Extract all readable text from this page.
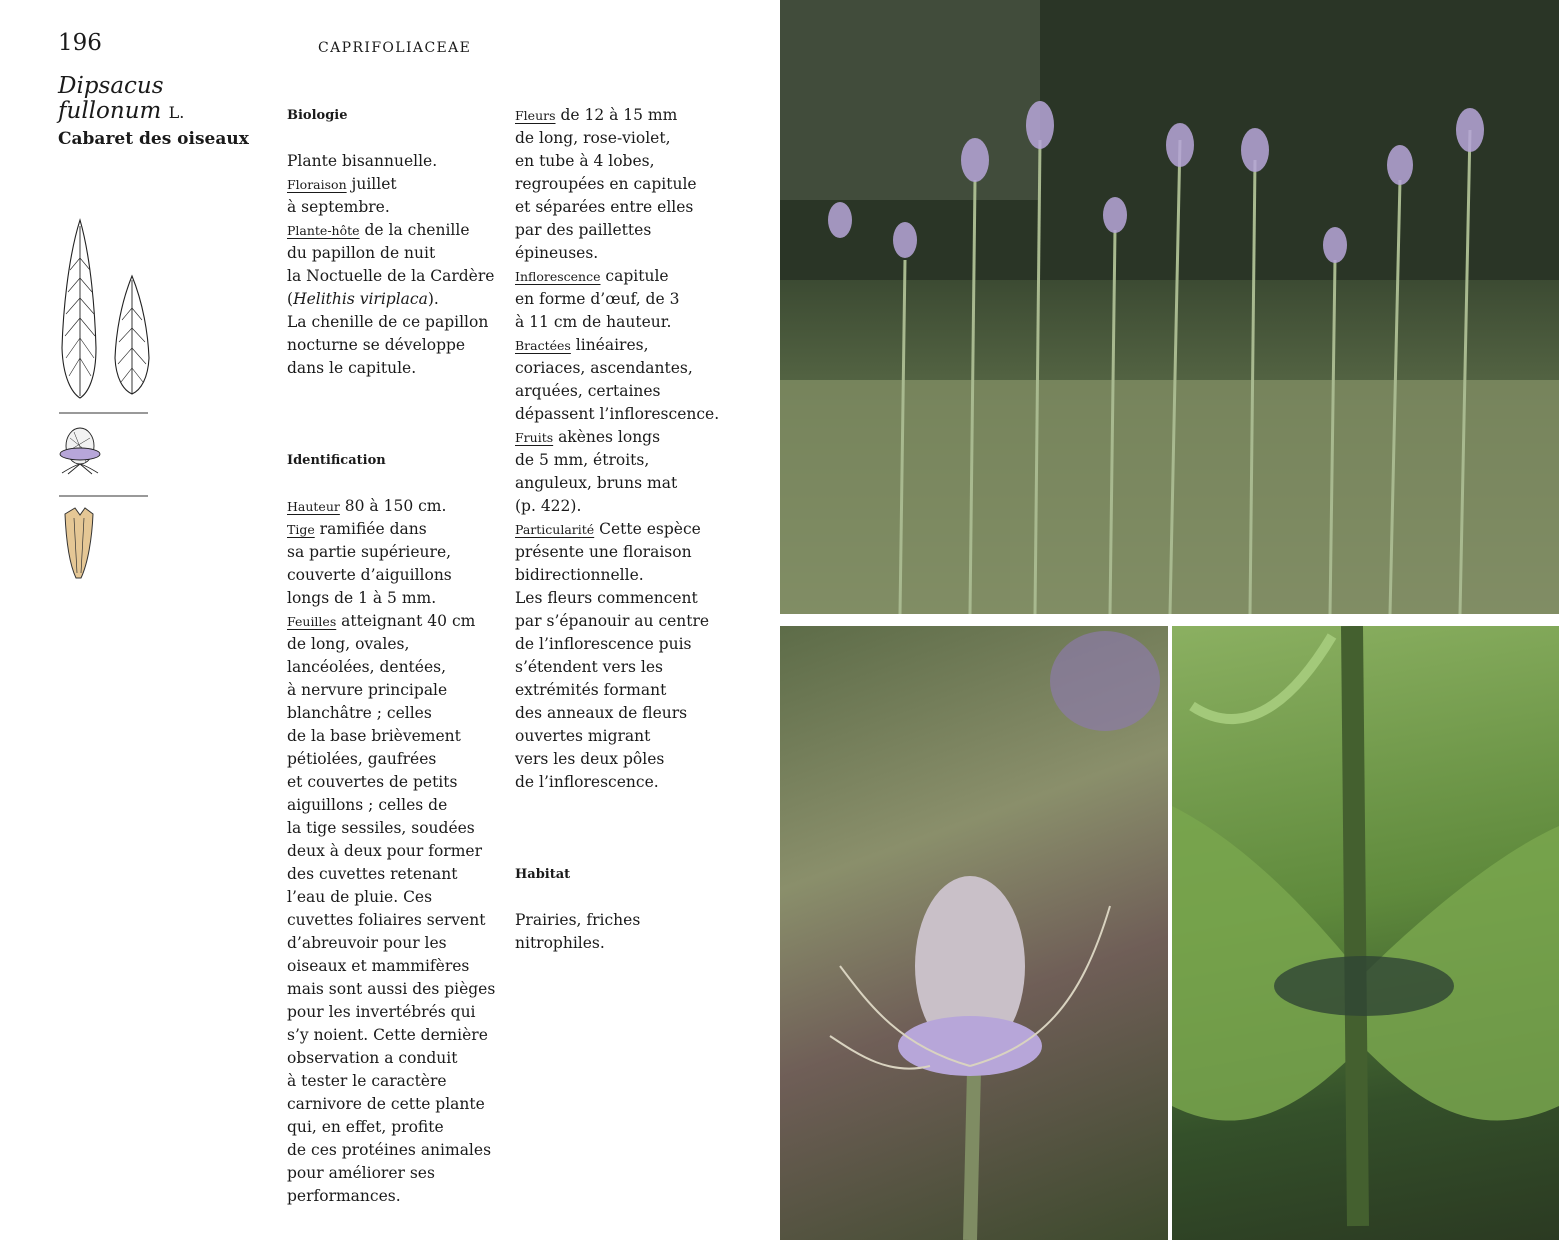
196	CAPRIFOLIACEAE
Dipsacus
fullonum L.
Cabaret des oiseaux

Biologie

Plante bisannuelle.
Floraison juillet
à septembre.
Plante-hôte de la chenille
du papillon de nuit
la Noctuelle de la Cardère
(Helithis viriplaca).
La chenille de ce papillon
nocturne se développe
dans le capitule.

Identification

Hauteur 80 à 150 cm.
Tige ramifiée dans
sa partie supérieure,
couverte d’aiguillons
longs de 1 à 5 mm.
Feuilles atteignant 40 cm
de long, ovales,
lancéolées, dentées,
à nervure principale
blanchâtre ; celles
de la base brièvement
pétiolées, gaufrées
et couvertes de petits
aiguillons ; celles de
la tige sessiles, soudées
deux à deux pour former
des cuvettes retenant
l’eau de pluie. Ces
cuvettes foliaires servent
d’abreuvoir pour les
oiseaux et mammifères
mais sont aussi des pièges
pour les invertébrés qui
s’y noient. Cette dernière
observation a conduit
à tester le caractère
carnivore de cette plante
qui, en effet, profite
de ces protéines animales
pour améliorer ses
performances.

Fleurs de 12 à 15 mm
de long, rose-violet,
en tube à 4 lobes,
regroupées en capitule
et séparées entre elles
par des paillettes
épineuses.
Inflorescence capitule
en forme d’œuf, de 3
à 11 cm de hauteur.
Bractées linéaires,
coriaces, ascendantes,
arquées, certaines
dépassent l’inflorescence.
Fruits akènes longs
de 5 mm, étroits,
anguleux, bruns mat
(p. 422).
Particularité Cette espèce
présente une floraison
bidirectionnelle.
Les fleurs commencent
par s’épanouir au centre
de l’inflorescence puis
s’étendent vers les
extrémités formant
des anneaux de fleurs
ouvertes migrant
vers les deux pôles
de l’inflorescence.

Habitat

Prairies, friches
nitrophiles.
